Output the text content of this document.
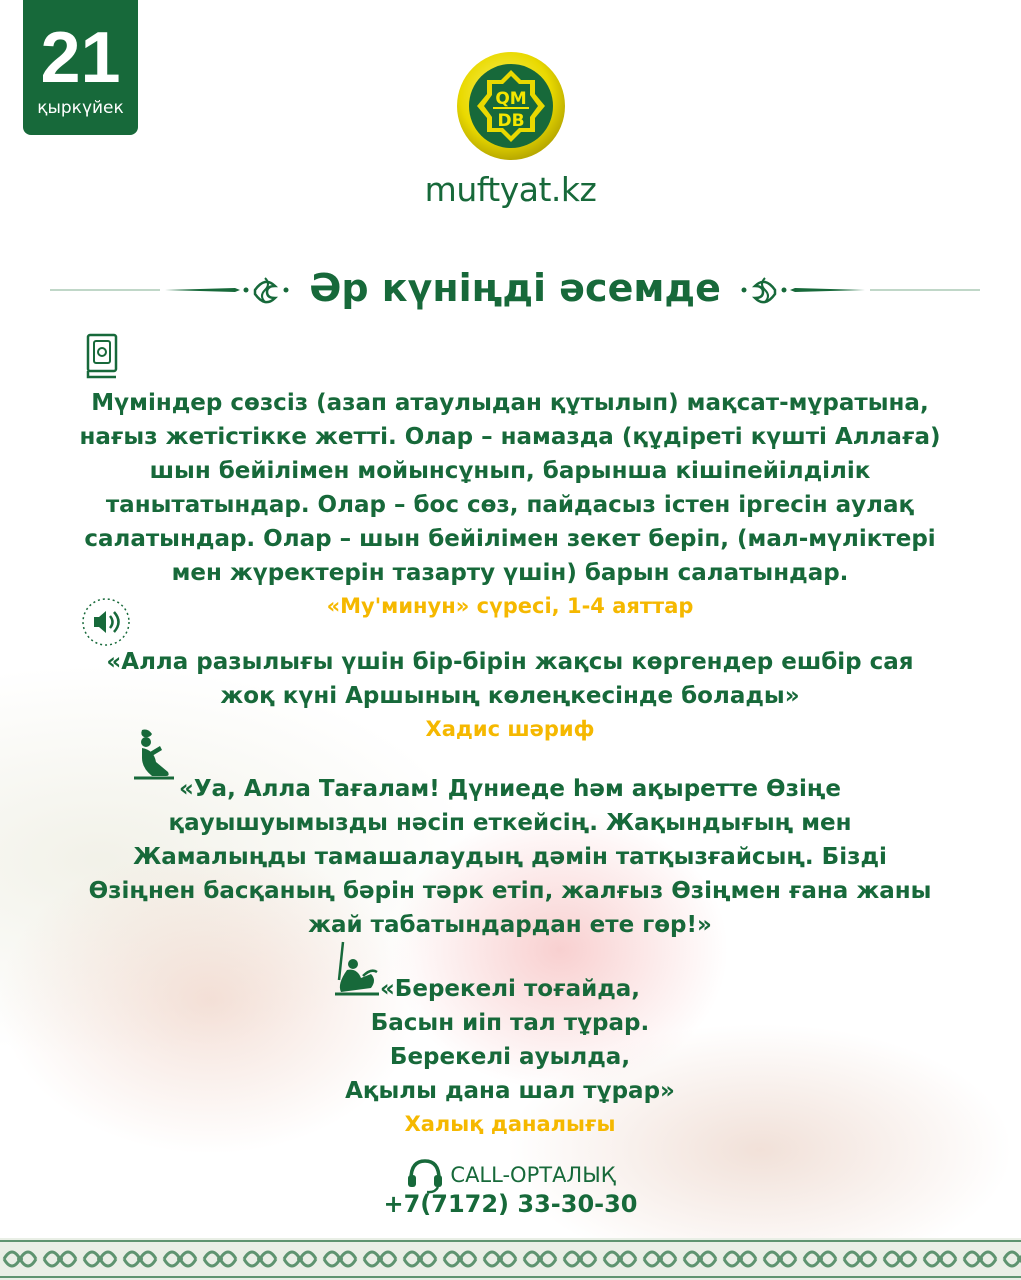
21
қыркүйек	QM
DB
muftyat.kz
Әр күніңді әсемде
Мүміндер сөзсіз (азап атаулыдан құтылып) мақсат-мұратына,
нағыз жетістікке жетті. Олар – намазда (құдіреті күшті Аллаға)
шын бейілімен мойынсұнып, барынша кішіпейілділік
танытатындар. Олар – бос сөз, пайдасыз істен іргесін аулақ
салатындар. Олар – шын бейілімен зекет беріп, (мал-мүліктері
мен жүректерін тазарту үшін) барын салатындар.
«Му'минун» сүресі, 1-4 аяттар
«Алла разылығы үшін бір-бірін жақсы көргендер ешбір сая
жоқ күні Аршының көлеңкесінде болады»
Хадис шәриф
«Уа, Алла Тағалам! Дүниеде һәм ақыретте Өзіңе
қауышуымызды нәсіп еткейсің. Жақындығың мен
Жамалыңды тамашалаудың дәмін татқызғайсың. Бізді
Өзіңнен басқаның бәрін тәрк етіп, жалғыз Өзіңмен ғана жаны
жай табатындардан ете гөр!»
«Берекелі тоғайда,
Басын иіп тал тұрар.
Берекелі ауылда,
Ақылы дана шал тұрар»
Халық даналығы
CALL-ОРТАЛЫҚ
+7(7172) 33-30-30
